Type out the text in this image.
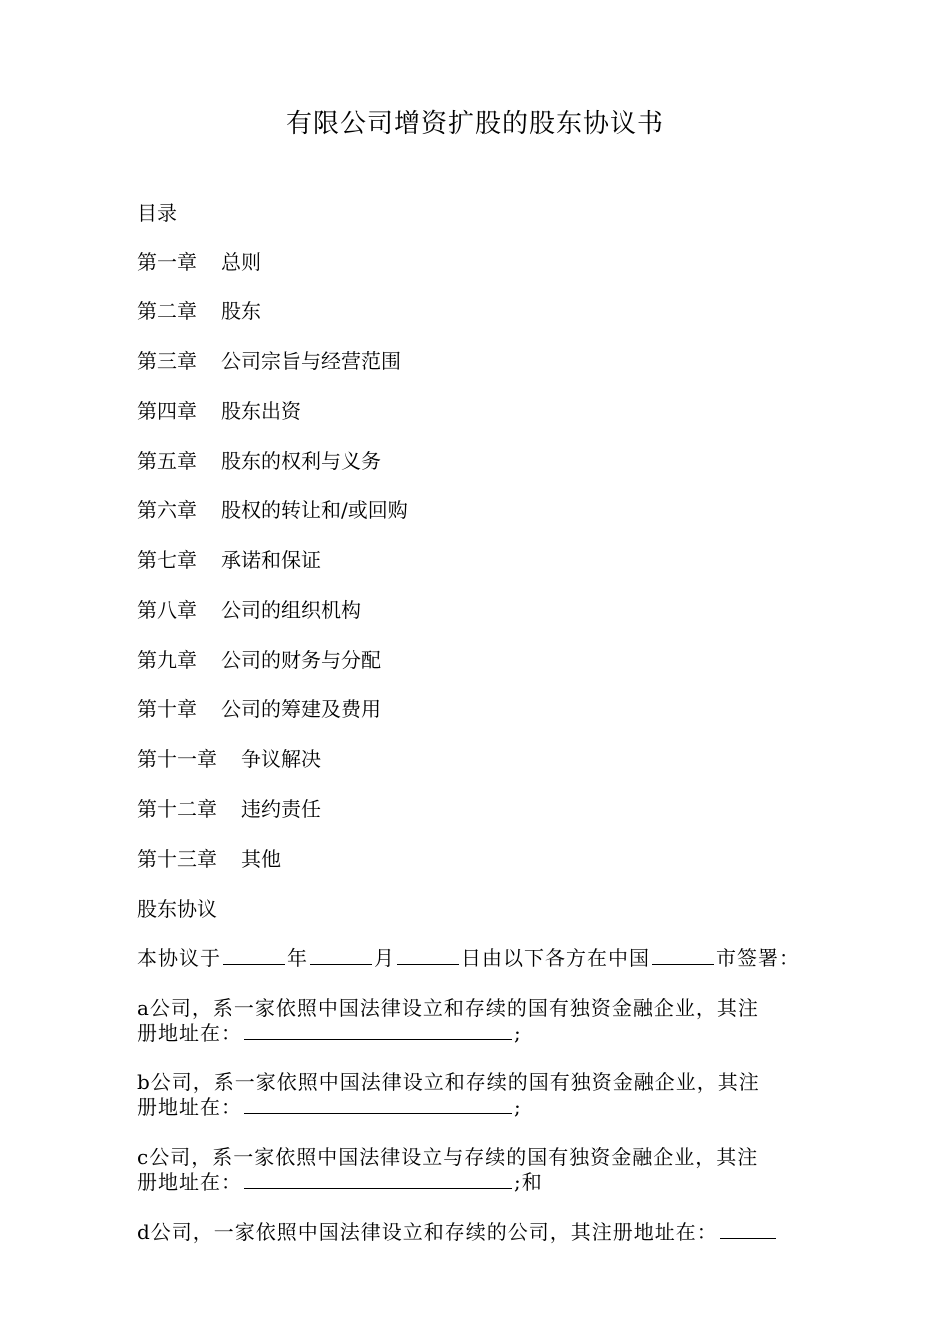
有限公司增资扩股的股东协议书
目录
第一章 总则
第二章 股东
第三章 公司宗旨与经营范围
第四章 股东出资
第五章 股东的权利与义务
第六章 股权的转让和/或回购
第七章 承诺和保证
第八章 公司的组织机构
第九章 公司的财务与分配
第十章 公司的筹建及费用
第十一章 争议解决
第十二章 违约责任
第十三章 其他
股东协议
本协议于	年	月	日由以下各方在中国	市签署：
a公司，系一家依照中国法律设立和存续的国有独资金融企业，其注
册地址在：	;
b公司，系一家依照中国法律设立和存续的国有独资金融企业，其注
册地址在：	;
c公司，系一家依照中国法律设立与存续的国有独资金融企业，其注
册地址在：	;和
d公司，一家依照中国法律设立和存续的公司，其注册地址在：
